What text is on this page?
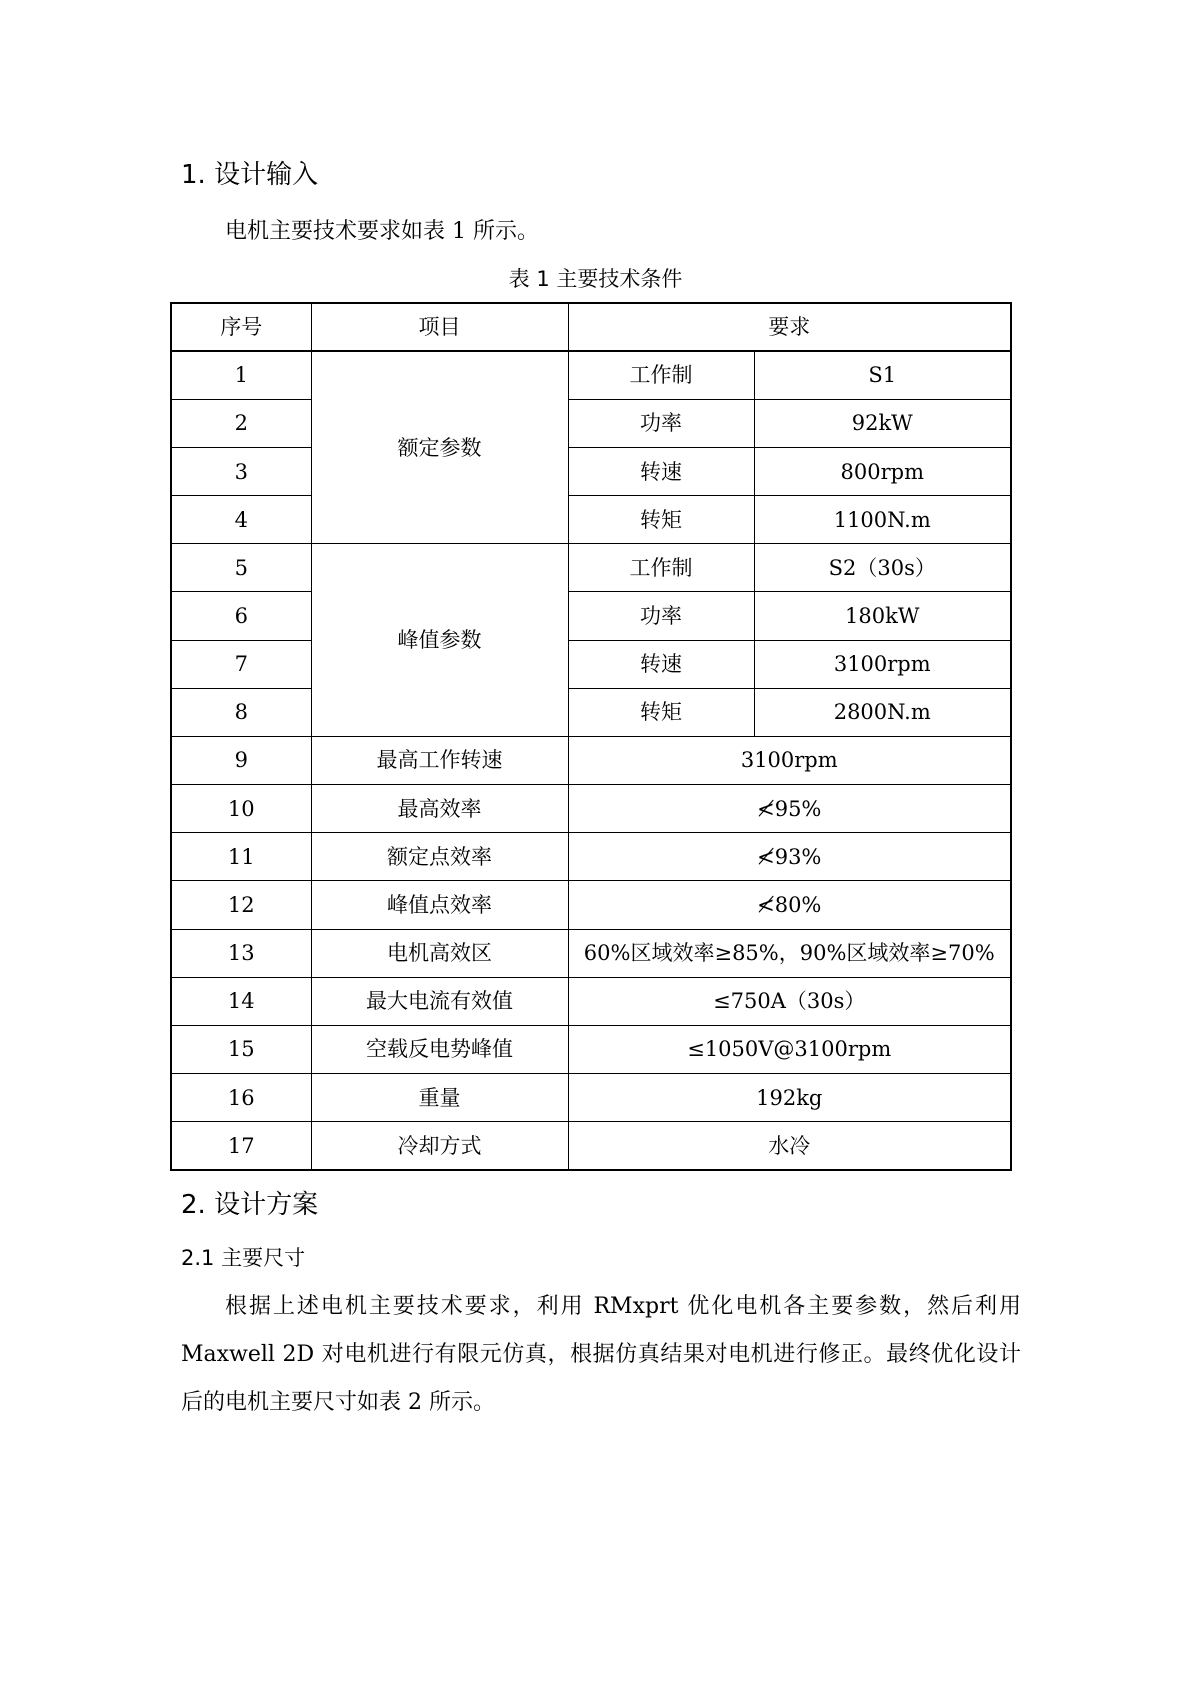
1. 设计输入
电机主要技术要求如表 1 所示。
表 1 主要技术条件
序号	项目	要求	
1	额定参数	工作制	S1
2		功率	92kW
3		转速	800rpm
4		转矩	1100N.m
5	峰值参数	工作制	S2（30s）
6		功率	180kW
7		转速	3100rpm
8		转矩	2800N.m
9	最高工作转速	3100rpm	
10	最高效率	≮95%	
11	额定点效率	≮93%	
12	峰值点效率	≮80%	
13	电机高效区	60%区域效率≥85%，90%区域效率≥70%	
14	最大电流有效值	≤750A（30s）	
15	空载反电势峰值	≤1050V@3100rpm	
16	重量	192kg	
17	冷却方式	水冷	
2. 设计方案
2.1 主要尺寸
根据上述电机主要技术要求，利用 RMxprt 优化电机各主要参数，然后利用 Maxwell 2D 对电机进行有限元仿真，根据仿真结果对电机进行修正。最终优化设计后的电机主要尺寸如表 2 所示。
